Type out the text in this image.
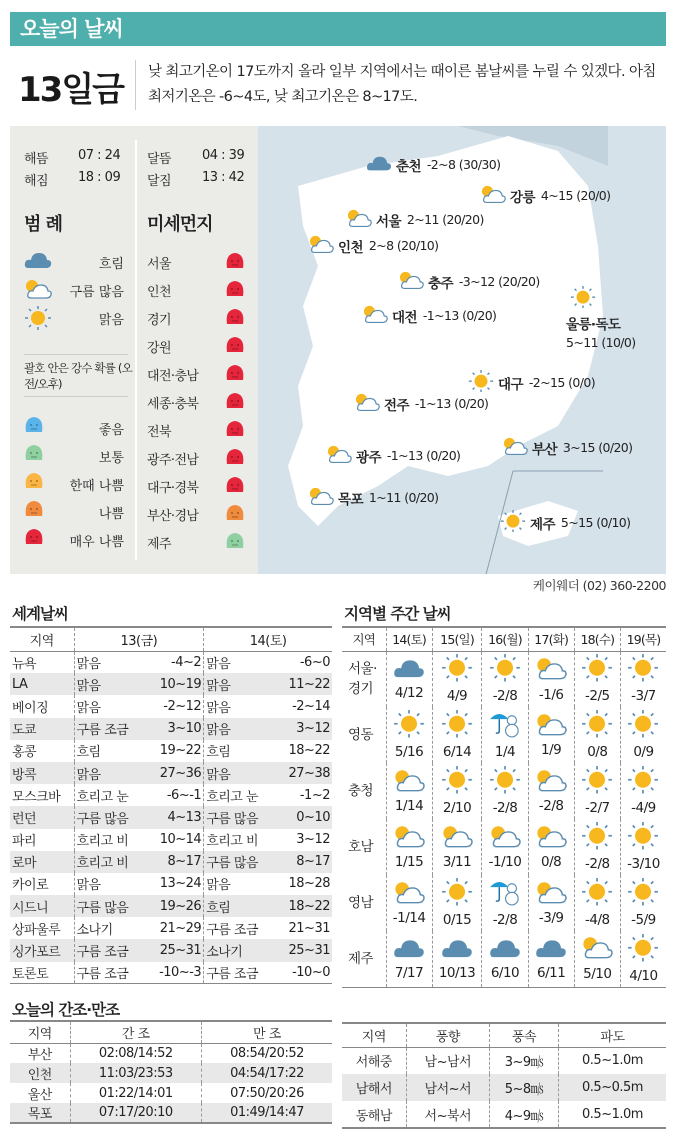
오늘의 날씨
13일금 낮 최고기온이 17도까지 올라 일부 지역에서는 때이른 봄날씨를 누릴 수 있겠다. 아침 최저기온은 -6~4도, 낮 최고기온은 8~17도.
해뜸 07 : 24
해짐 18 : 09
달뜸 04 : 39
달짐 13 : 42
범 례	미세먼지
흐림
구름 많음
맑음
괄호 안은 강수 확률 (오전/오후)
좋음
보통
한때 나쁨
나쁨
매우 나쁨
서울
인천
경기
강원
대전·충남
세종·충북
전북
광주·전남
대구·경북
부산·경남
제주
춘천 -2~8
(30/30)
강릉 4~15
(20/0)
서울 2~11
(20/20)
인천 2~8
(20/10)
충주 -3~12
(20/20)
대전 -1~13
(0/20)
울릉·독도
5~11 (10/0)
대구 -2~15
(0/0)
전주 -1~13
(0/20)
광주 -1~13
(0/20)	부산 3~15
(0/20)
목포 1~11
(0/20)
제주 5~15
(0/10)
케이웨더 (02) 360-2200
세계날씨
지역	13(금)		14(토)	
뉴욕	맑음	-4~2	맑음	-6~0
LA	맑음	10~19	맑음	11~22
베이징	맑음	-2~12	맑음	-2~14
도쿄	구름 조금	3~10	맑음	3~12
홍콩	흐림	19~22	흐림	18~22
방콕	맑음	27~36	맑음	27~38
모스크바	흐리고 눈	-6~-1	흐리고 눈	-1~2
런던	구름 많음	4~13	구름 많음	0~10
파리	흐리고 비	10~14	흐리고 비	3~12
로마	흐리고 비	8~17	구름 많음	8~17
카이로	맑음	13~24	맑음	18~28
시드니	구름 많음	19~26	흐림	18~22
상파울루	소나기	21~29	구름 조금	21~31
싱가포르	구름 조금	25~31	소나기	25~31
토론토	구름 조금	-10~-3	구름 조금	-10~0
지역별 주간 날씨
지역	14(토)	15(일)	16(월)	17(화)	18(수)	19(목)
서울·경기	4/12	4/9	-2/8	-1/6	-2/5	-3/7

영동	5/16	6/14	1/4	1/9	0/8	0/9

충청	1/14	2/10	-2/8	-2/8	-2/7	-4/9

호남	1/15	3/11	-1/10	0/8	-2/8	-3/10

영남	-1/14	0/15	-2/8	-3/9	-4/8	-5/9

제주	7/17	10/13	6/10	6/11	5/10	4/10
오늘의 간조·만조
지역	간 조	만 조
부산	02:08/14:52	08:54/20:52
인천	11:03/23:53	04:54/17:22
울산	01:22/14:01	07:50/20:26
목포	07:17/20:10	01:49/14:47
지역	풍향	풍속	파도
서해중	남~남서	3~9㎧	0.5~1.0m
남해서	남서~서	5~8㎧	0.5~0.5m
동해남	서~북서	4~9㎧	0.5~1.0m
